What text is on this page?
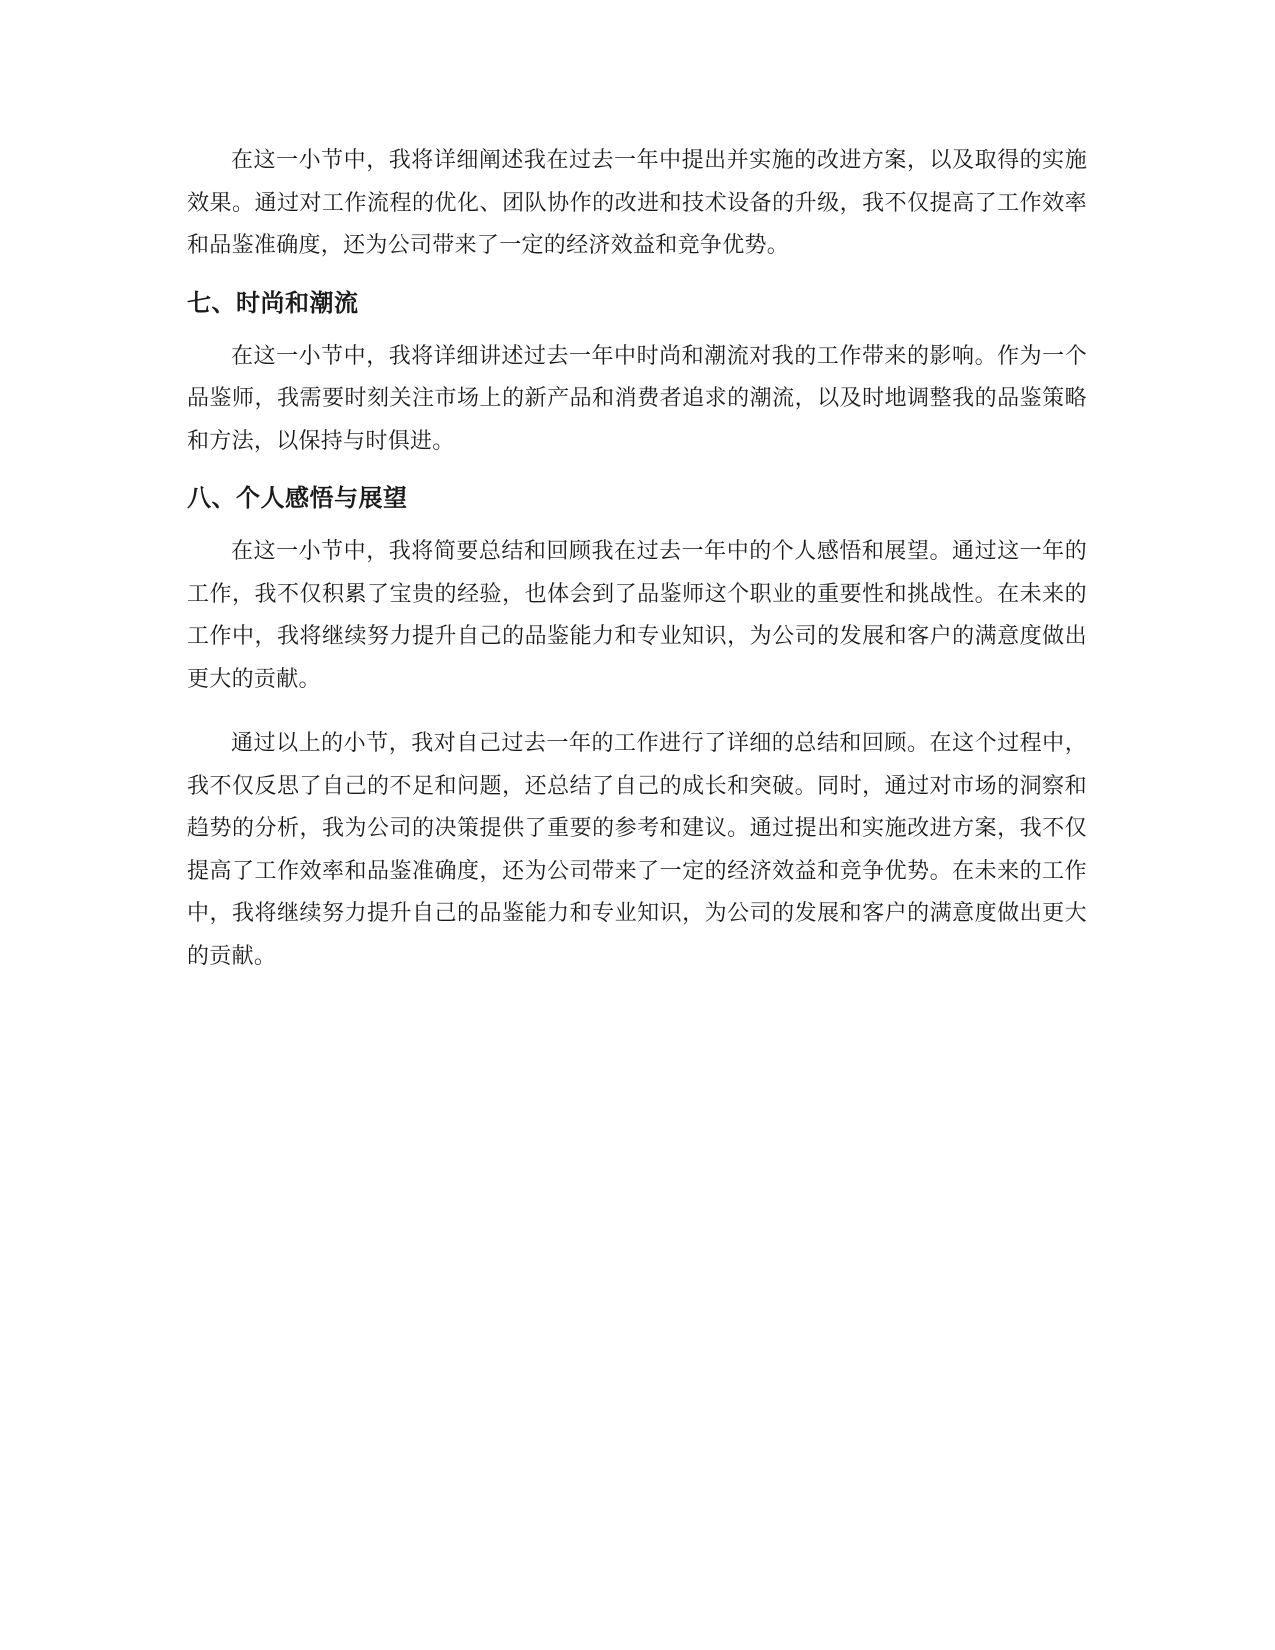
在这一小节中，我将详细阐述我在过去一年中提出并实施的改进方案，以及取得的实施效果。通过对工作流程的优化、团队协作的改进和技术设备的升级，我不仅提高了工作效率和品鉴准确度，还为公司带来了一定的经济效益和竞争优势。

七、时尚和潮流

在这一小节中，我将详细讲述过去一年中时尚和潮流对我的工作带来的影响。作为一个品鉴师，我需要时刻关注市场上的新产品和消费者追求的潮流，以及时地调整我的品鉴策略和方法，以保持与时俱进。

八、个人感悟与展望

在这一小节中，我将简要总结和回顾我在过去一年中的个人感悟和展望。通过这一年的工作，我不仅积累了宝贵的经验，也体会到了品鉴师这个职业的重要性和挑战性。在未来的工作中，我将继续努力提升自己的品鉴能力和专业知识，为公司的发展和客户的满意度做出更大的贡献。

通过以上的小节，我对自己过去一年的工作进行了详细的总结和回顾。在这个过程中，我不仅反思了自己的不足和问题，还总结了自己的成长和突破。同时，通过对市场的洞察和趋势的分析，我为公司的决策提供了重要的参考和建议。通过提出和实施改进方案，我不仅提高了工作效率和品鉴准确度，还为公司带来了一定的经济效益和竞争优势。在未来的工作中，我将继续努力提升自己的品鉴能力和专业知识，为公司的发展和客户的满意度做出更大的贡献。
